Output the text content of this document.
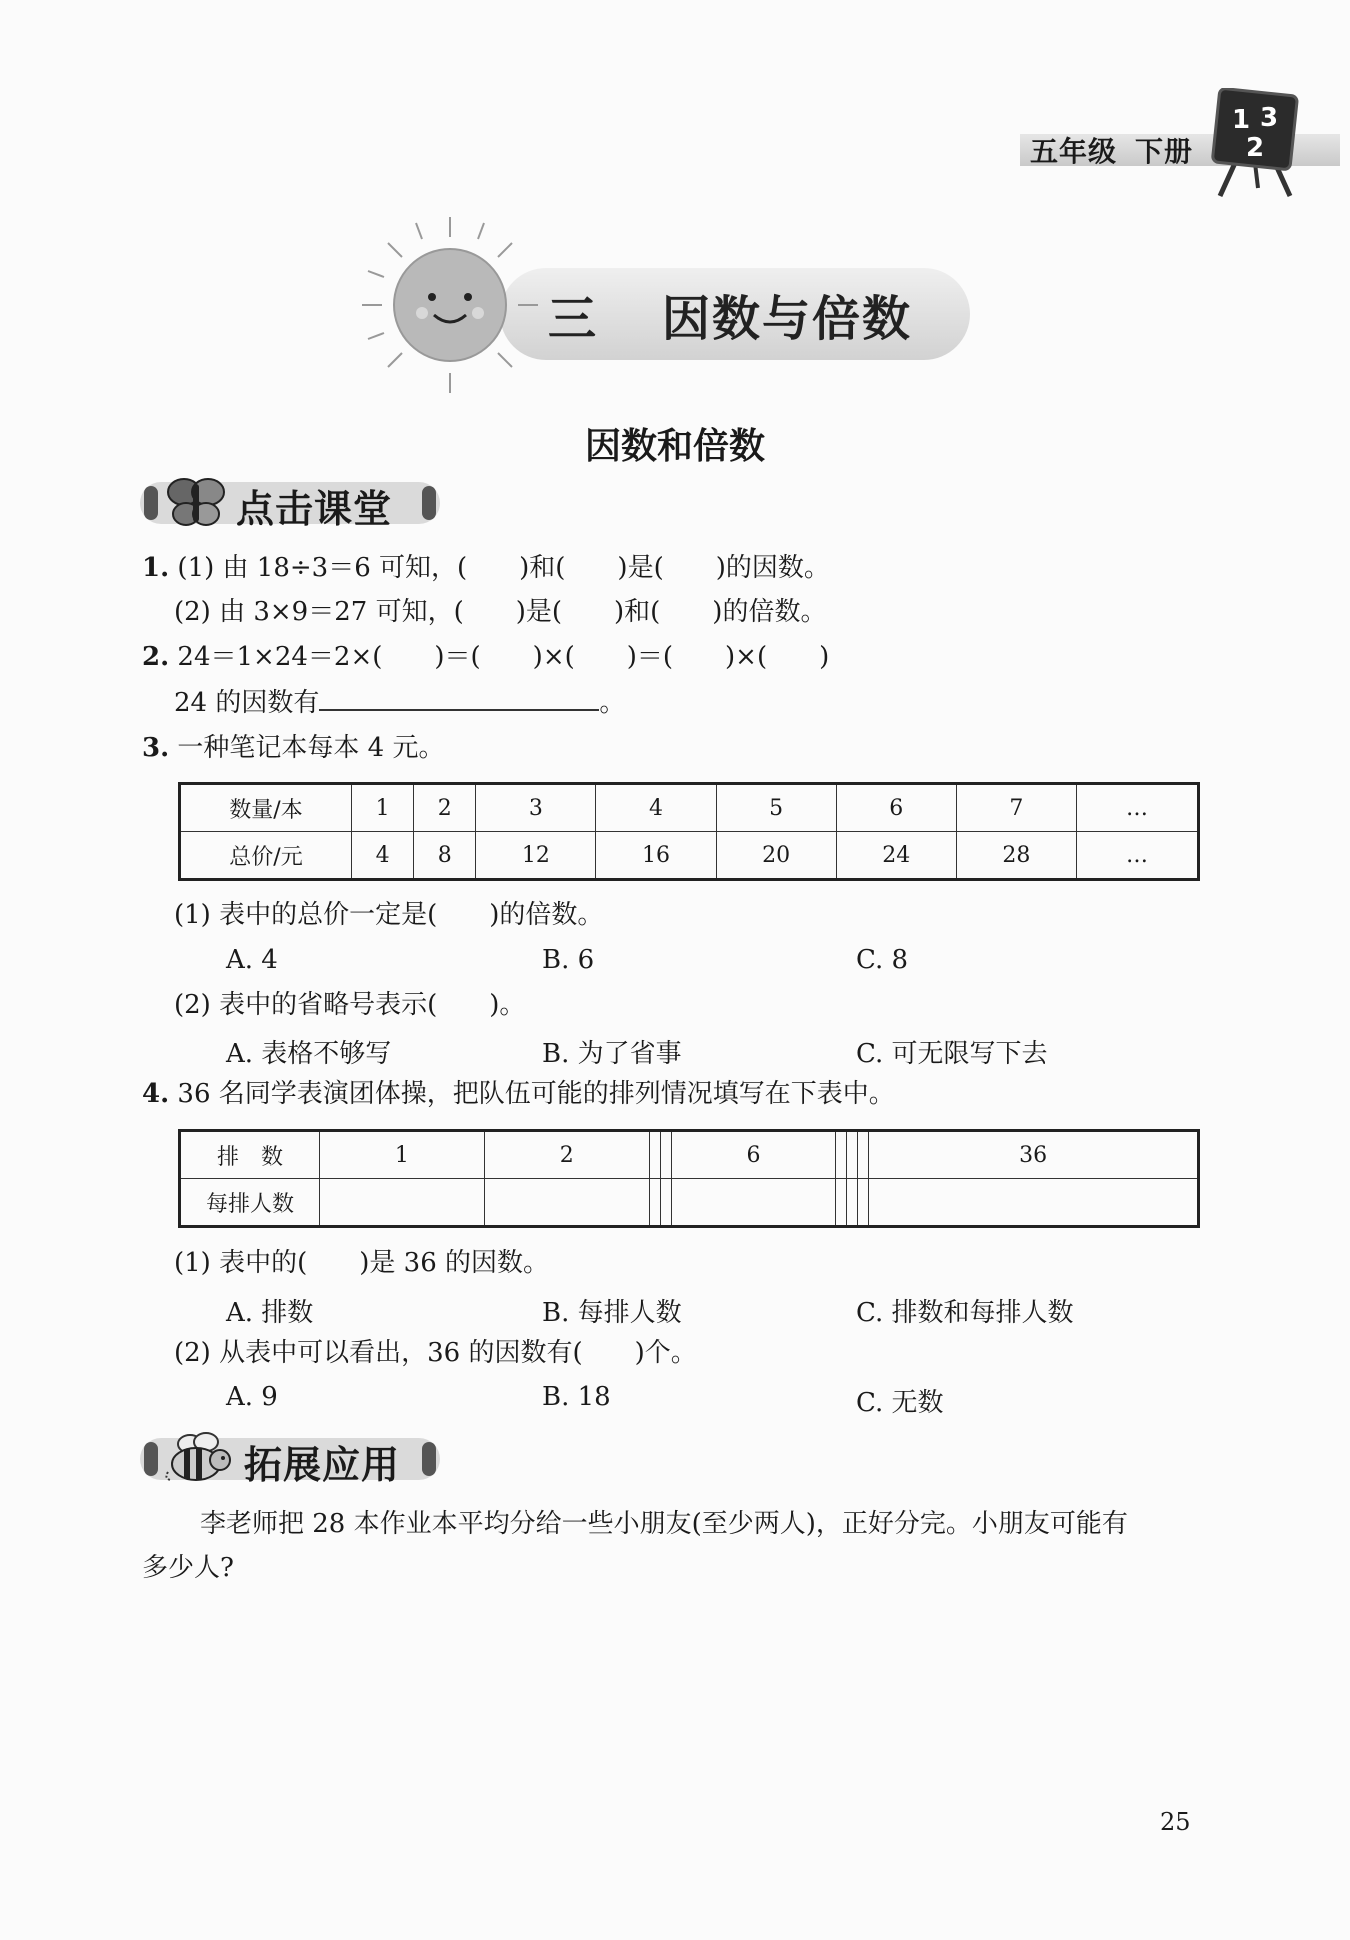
五年级 下册
1 3
2
三 因数与倍数
因数和倍数
点击课堂
1. (1) 由 18÷3＝6 可知，(　　)和(　　)是(　　)的因数。
(2) 由 3×9＝27 可知，(　　)是(　　)和(　　)的倍数。
2. 24＝1×24＝2×(　　)＝(　　)×(　　)＝(　　)×(　　)
24 的因数有	。
3. 一种笔记本每本 4 元。
数量/本	1	2	3	4	5	6	7	…
总价/元	4	8	12	16	20	24	28	…
(1) 表中的总价一定是(　　)的倍数。
A. 4	B. 6	C. 8
(2) 表中的省略号表示(　　)。
A. 表格不够写	B. 为了省事	C. 可无限写下去
4. 36 名同学表演团体操，把队伍可能的排列情况填写在下表中。
排　数	1	2			6				36
每排人数									
(1) 表中的(　　)是 36 的因数。
A. 排数	B. 每排人数	C. 排数和每排人数
(2) 从表中可以看出，36 的因数有(　　)个。
A. 9	B. 18	C. 无数
拓展应用
李老师把 28 本作业本平均分给一些小朋友(至少两人)，正好分完。小朋友可能有
多少人?
25
